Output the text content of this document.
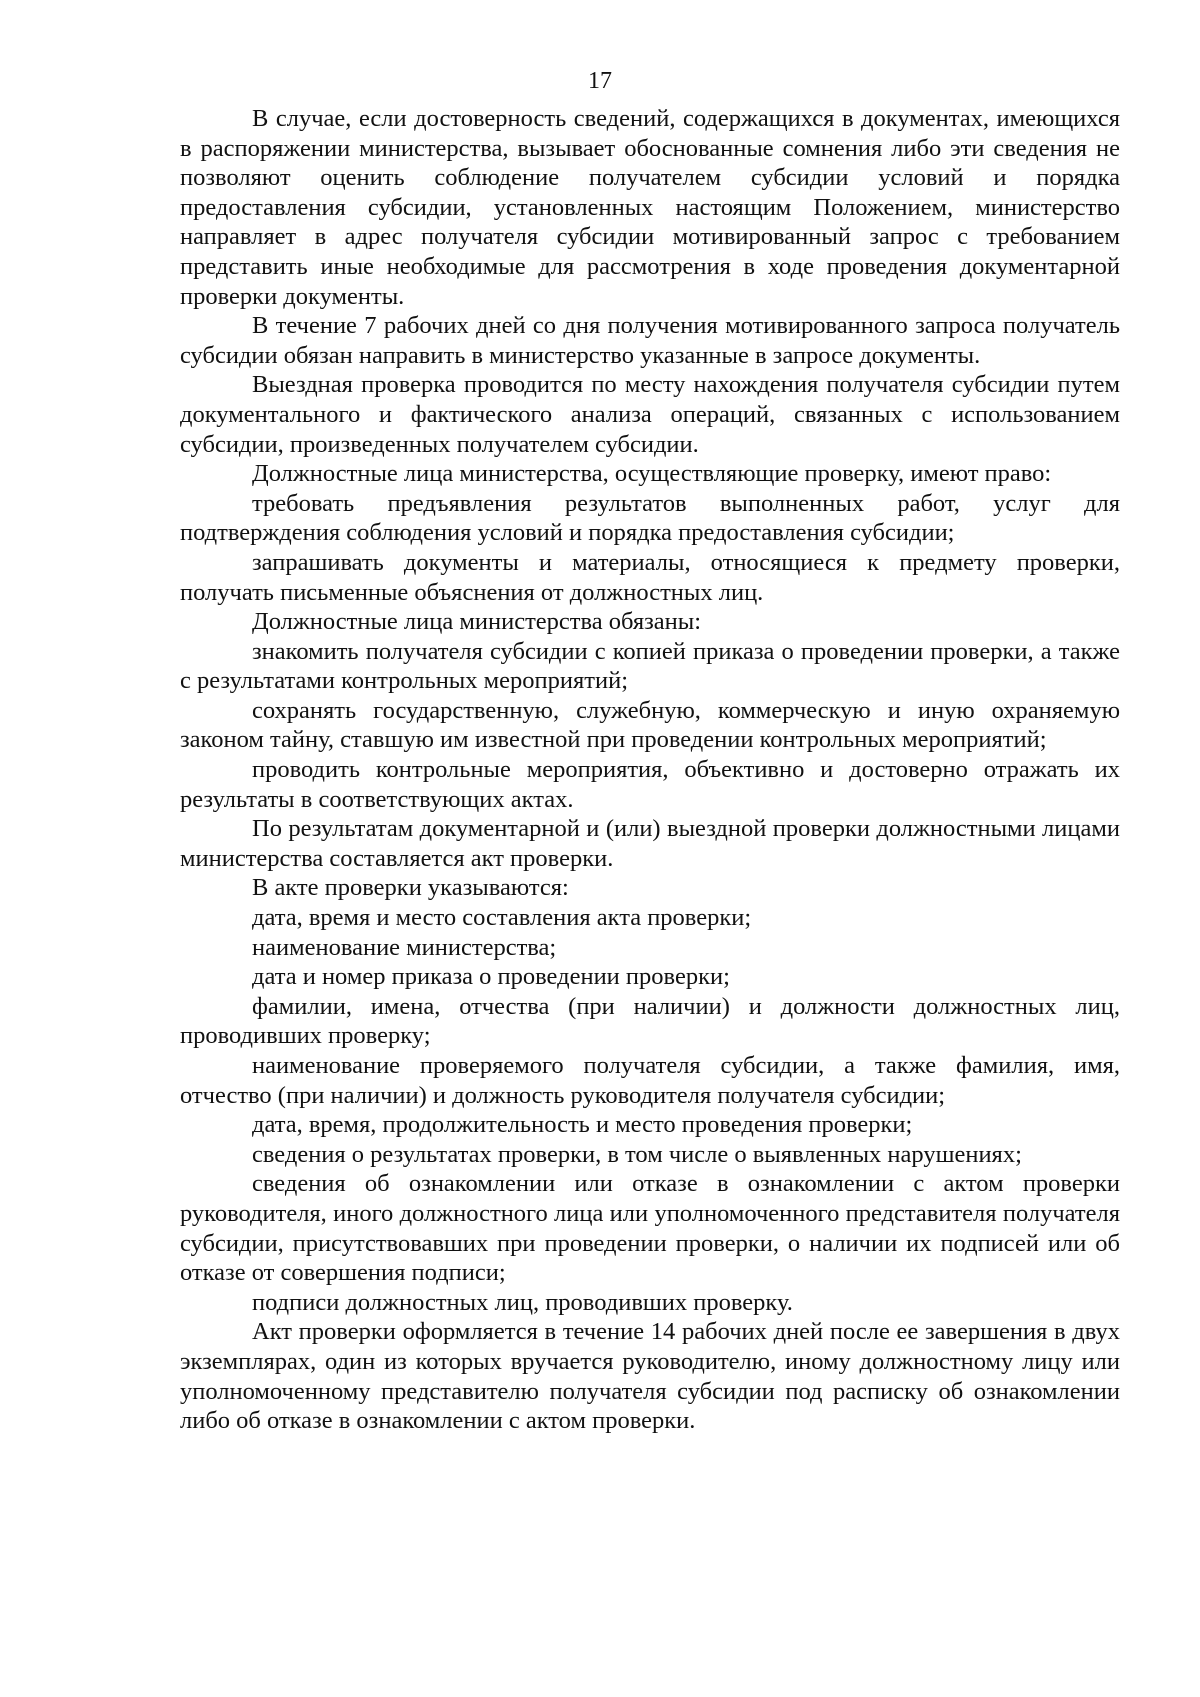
17

В случае, если достоверность сведений, содержащихся в документах, имеющихся в распоряжении министерства, вызывает обоснованные сомнения либо эти сведения не позволяют оценить соблюдение получателем субсидии условий и порядка предоставления субсидии, установленных настоящим Положением, министерство направляет в адрес получателя субсидии мотивированный запрос с требованием представить иные необходимые для рассмотрения в ходе проведения документарной проверки документы.

В течение 7 рабочих дней со дня получения мотивированного запроса получатель субсидии обязан направить в министерство указанные в запросе документы.

Выездная проверка проводится по месту нахождения получателя субсидии путем документального и фактического анализа операций, связанных с использованием субсидии, произведенных получателем субсидии.

Должностные лица министерства, осуществляющие проверку, имеют право:

требовать предъявления результатов выполненных работ, услуг для подтверждения соблюдения условий и порядка предоставления субсидии;

запрашивать документы и материалы, относящиеся к предмету проверки, получать письменные объяснения от должностных лиц.

Должностные лица министерства обязаны:

знакомить получателя субсидии с копией приказа о проведении проверки, а также с результатами контрольных мероприятий;

сохранять государственную, служебную, коммерческую и иную охраняемую законом тайну, ставшую им известной при проведении контрольных мероприятий;

проводить контрольные мероприятия, объективно и достоверно отражать их результаты в соответствующих актах.

По результатам документарной и (или) выездной проверки должностными лицами министерства составляется акт проверки.

В акте проверки указываются:

дата, время и место составления акта проверки;

наименование министерства;

дата и номер приказа о проведении проверки;

фамилии, имена, отчества (при наличии) и должности должностных лиц, проводивших проверку;

наименование проверяемого получателя субсидии, а также фамилия, имя, отчество (при наличии) и должность руководителя получателя субсидии;

дата, время, продолжительность и место проведения проверки;

сведения о результатах проверки, в том числе о выявленных нарушениях;

сведения об ознакомлении или отказе в ознакомлении с актом проверки руководителя, иного должностного лица или уполномоченного представителя получателя субсидии, присутствовавших при проведении проверки, о наличии их подписей или об отказе от совершения подписи;

подписи должностных лиц, проводивших проверку.

Акт проверки оформляется в течение 14 рабочих дней после ее завершения в двух экземплярах, один из которых вручается руководителю, иному должностному лицу или уполномоченному представителю получателя субсидии под расписку об ознакомлении либо об отказе в ознакомлении с актом проверки.
